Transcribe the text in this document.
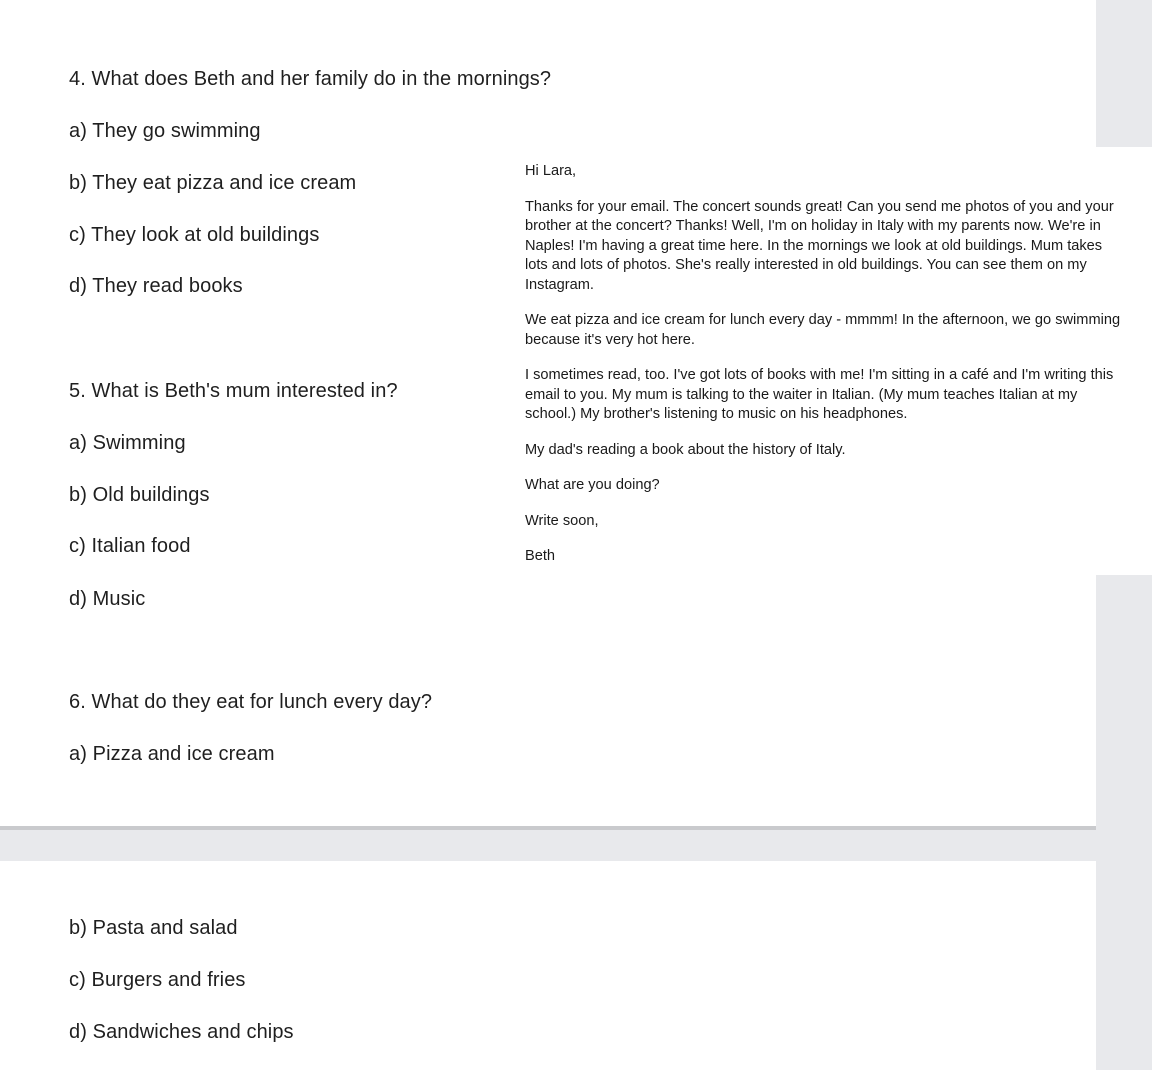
4. What does Beth and her family do in the mornings?

a) They go swimming

b) They eat pizza and ice cream

c) They look at old buildings

d) They read books

5. What is Beth's mum interested in?

a) Swimming

b) Old buildings

c) Italian food

d) Music

6. What do they eat for lunch every day?

a) Pizza and ice cream

b) Pasta and salad

c) Burgers and fries

d) Sandwiches and chips

Hi Lara,

Thanks for your email. The concert sounds great! Can you send me photos of you and your brother at the concert? Thanks! Well, I'm on holiday in Italy with my parents now. We're in Naples! I'm having a great time here. In the mornings we look at old buildings. Mum takes lots and lots of photos. She's really interested in old buildings. You can see them on my Instagram.

We eat pizza and ice cream for lunch every day - mmmm! In the afternoon, we go swimming because it's very hot here.

I sometimes read, too. I've got lots of books with me! I'm sitting in a café and I'm writing this email to you. My mum is talking to the waiter in Italian. (My mum teaches Italian at my school.) My brother's listening to music on his headphones.

My dad's reading a book about the history of Italy.

What are you doing?

Write soon,

Beth
